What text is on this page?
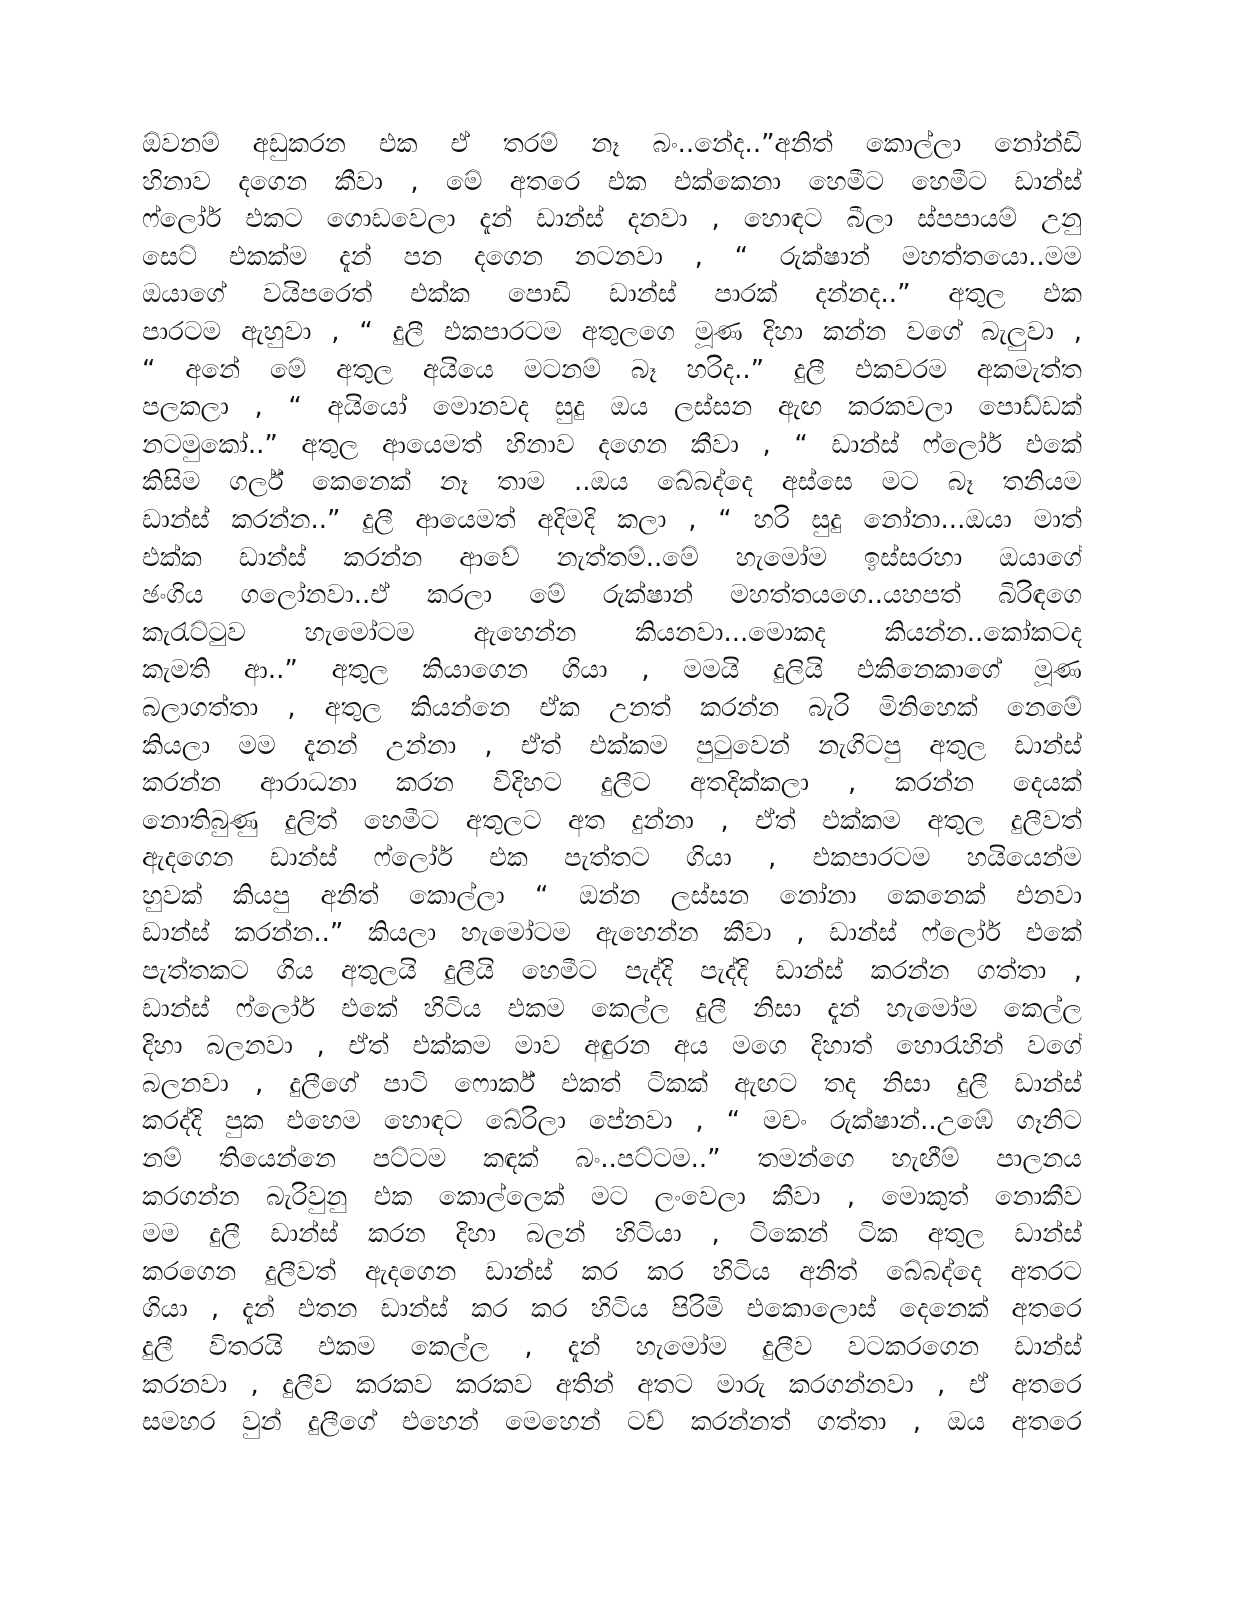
ඕවනම් අඩුකරන එක ඒ තරම් නෑ බං..නේද..”අනිත් කොල්ලා නෝන්ඩි
හිනාව දගෙන කීවා , මේ අතරෙ එක එක්කෙනා හෙමීට හෙමීට ඩාන්ස්
ෆ්ලෝර් එකට ගොඩවෙලා දැන් ඩාන්ස් දනවා , හොඳට බීලා ස්පපායම් උනු
සෙට් එකක්ම දැන් පන දගෙන නටනවා , “ රුක්ෂාන් මහත්තයො..මම
ඔයාගේ වයිපරෙත් එක්ක පොඩි ඩාන්ස් පාරක් දන්නද..” අතුල එක
පාරටම ඇහුවා , “ දුලී එකපාරටම අතුලගෙ මූණ දිහා කන්න වගේ බැලුවා ,
“ අනේ මේ අතුල අයියෙ මටනම් බෑ හරිද..” දුලී එකවරම අකමැත්ත
පලකලා , “ අයියෝ මොනවද සුදු ඔය ලස්සන ඇඟ කරකවලා පොඩ්ඩක්
නටමුකෝ..” අතුල ආයෙමත් හිනාව දගෙන කීවා , “ ඩාන්ස් ෆ්ලෝර් එකේ
කිසිම ගර්ල් කෙනෙක් නෑ තාම ..ඔය බේබද්දෙ අස්සෙ මට බෑ තනියම
ඩාන්ස් කරන්න..” දුලී ආයෙමත් අදිමදි කලා , “ හරි සුදු නෝනා...ඔයා මාත්
එක්ක ඩාන්ස් කරන්න ආවේ නැත්තම්..මේ හැමෝම ඉස්සරහා ඔයාගේ
ඡංගිය ගලෝනවා..ඒ කරලා මේ රුක්ෂාන් මහත්තයගෙ..යහපත් බිරිඳගෙ
කැරැට්ටුව හැමෝටම ඇහෙන්න කියනවා...මොකද කියන්න..කෝකටද
කැමති ආ..” අතුල කියාගෙන ගියා , මමයි දුලියි එකිනෙකාගේ මූණ
බලාගත්තා , අතුල කියන්නෙ ඒක උනත් කරන්න බැරි මිනිහෙක් නෙමේ
කියලා මම දැනන් උන්නා , ඒත් එක්කම පුටුවෙන් නැගිටපු අතුල ඩාන්ස්
කරන්න ආරාධනා කරන විදිහට දුලීට අතදික්කලා , කරන්න දෙයක්
නොතිබුණු දුලිත් හෙමීට අතුලට අත දුන්නා , ඒත් එක්කම අතුල දුලීවත්
ඇදගෙන ඩාන්ස් ෆ්ලෝර් එක පැත්තට ගියා , එකපාරටම හයියෙන්ම
හුවක් කියපු අනිත් කොල්ලා “ ඔන්න ලස්සන නෝනා කෙනෙක් එනවා
ඩාන්ස් කරන්න..” කියලා හැමෝටම ඇහෙන්න කීවා , ඩාන්ස් ෆ්ලෝර් එකේ
පැත්තකට ගිය අතුලයි දුලීයි හෙමීට පැද්දි පැද්දි ඩාන්ස් කරන්න ගත්තා ,
ඩාන්ස් ෆ්ලෝර් එකේ හිටිය එකම කෙල්ල දුලී නිසා දැන් හැමෝම කෙල්ල
දිහා බලනවා , ඒත් එක්කම මාව අඳුරන අය මගෙ දිහාත් හොරැහින් වගේ
බලනවා , දුලීගේ පාටි ෆොර්ක් එකත් ටිකක් ඇඟට තද නිසා දුලී ඩාන්ස්
කරද්දි පුක එහෙම හොඳට බේරිලා පේනවා , “ මචං රුක්ෂාන්..උඹේ ගෑනිට
නම් තියෙන්නෙ පට්ටම කඳක් බං..පට්ටම..” තමන්ගෙ හැඟීම් පාලනය
කරගන්න බැරිවුනු එක කොල්ලෙක් මට ලංවෙලා කීවා , මොකුත් නොකීව
මම දුලී ඩාන්ස් කරන දිහා බලන් හිටියා , ටිකෙන් ටික අතුල ඩාන්ස්
කරගෙන දුලීවත් ඇදගෙන ඩාන්ස් කර කර හිටිය අනිත් බේබද්දෙ අතරට
ගියා , දැන් එතන ඩාන්ස් කර කර හිටිය පිරිමි එකොලොස් දෙනෙක් අතරෙ
දුලී විතරයි එකම කෙල්ල , දැන් හැමෝම දුලීව වටකරගෙන ඩාන්ස්
කරනවා , දුලීව කරකව කරකව අතින් අතට මාරු කරගන්නවා , ඒ අතරෙ
සමහර වුන් දුලීගේ එහෙන් මෙහෙන් ටච් කරන්නත් ගත්තා , ඔය අතරෙ
